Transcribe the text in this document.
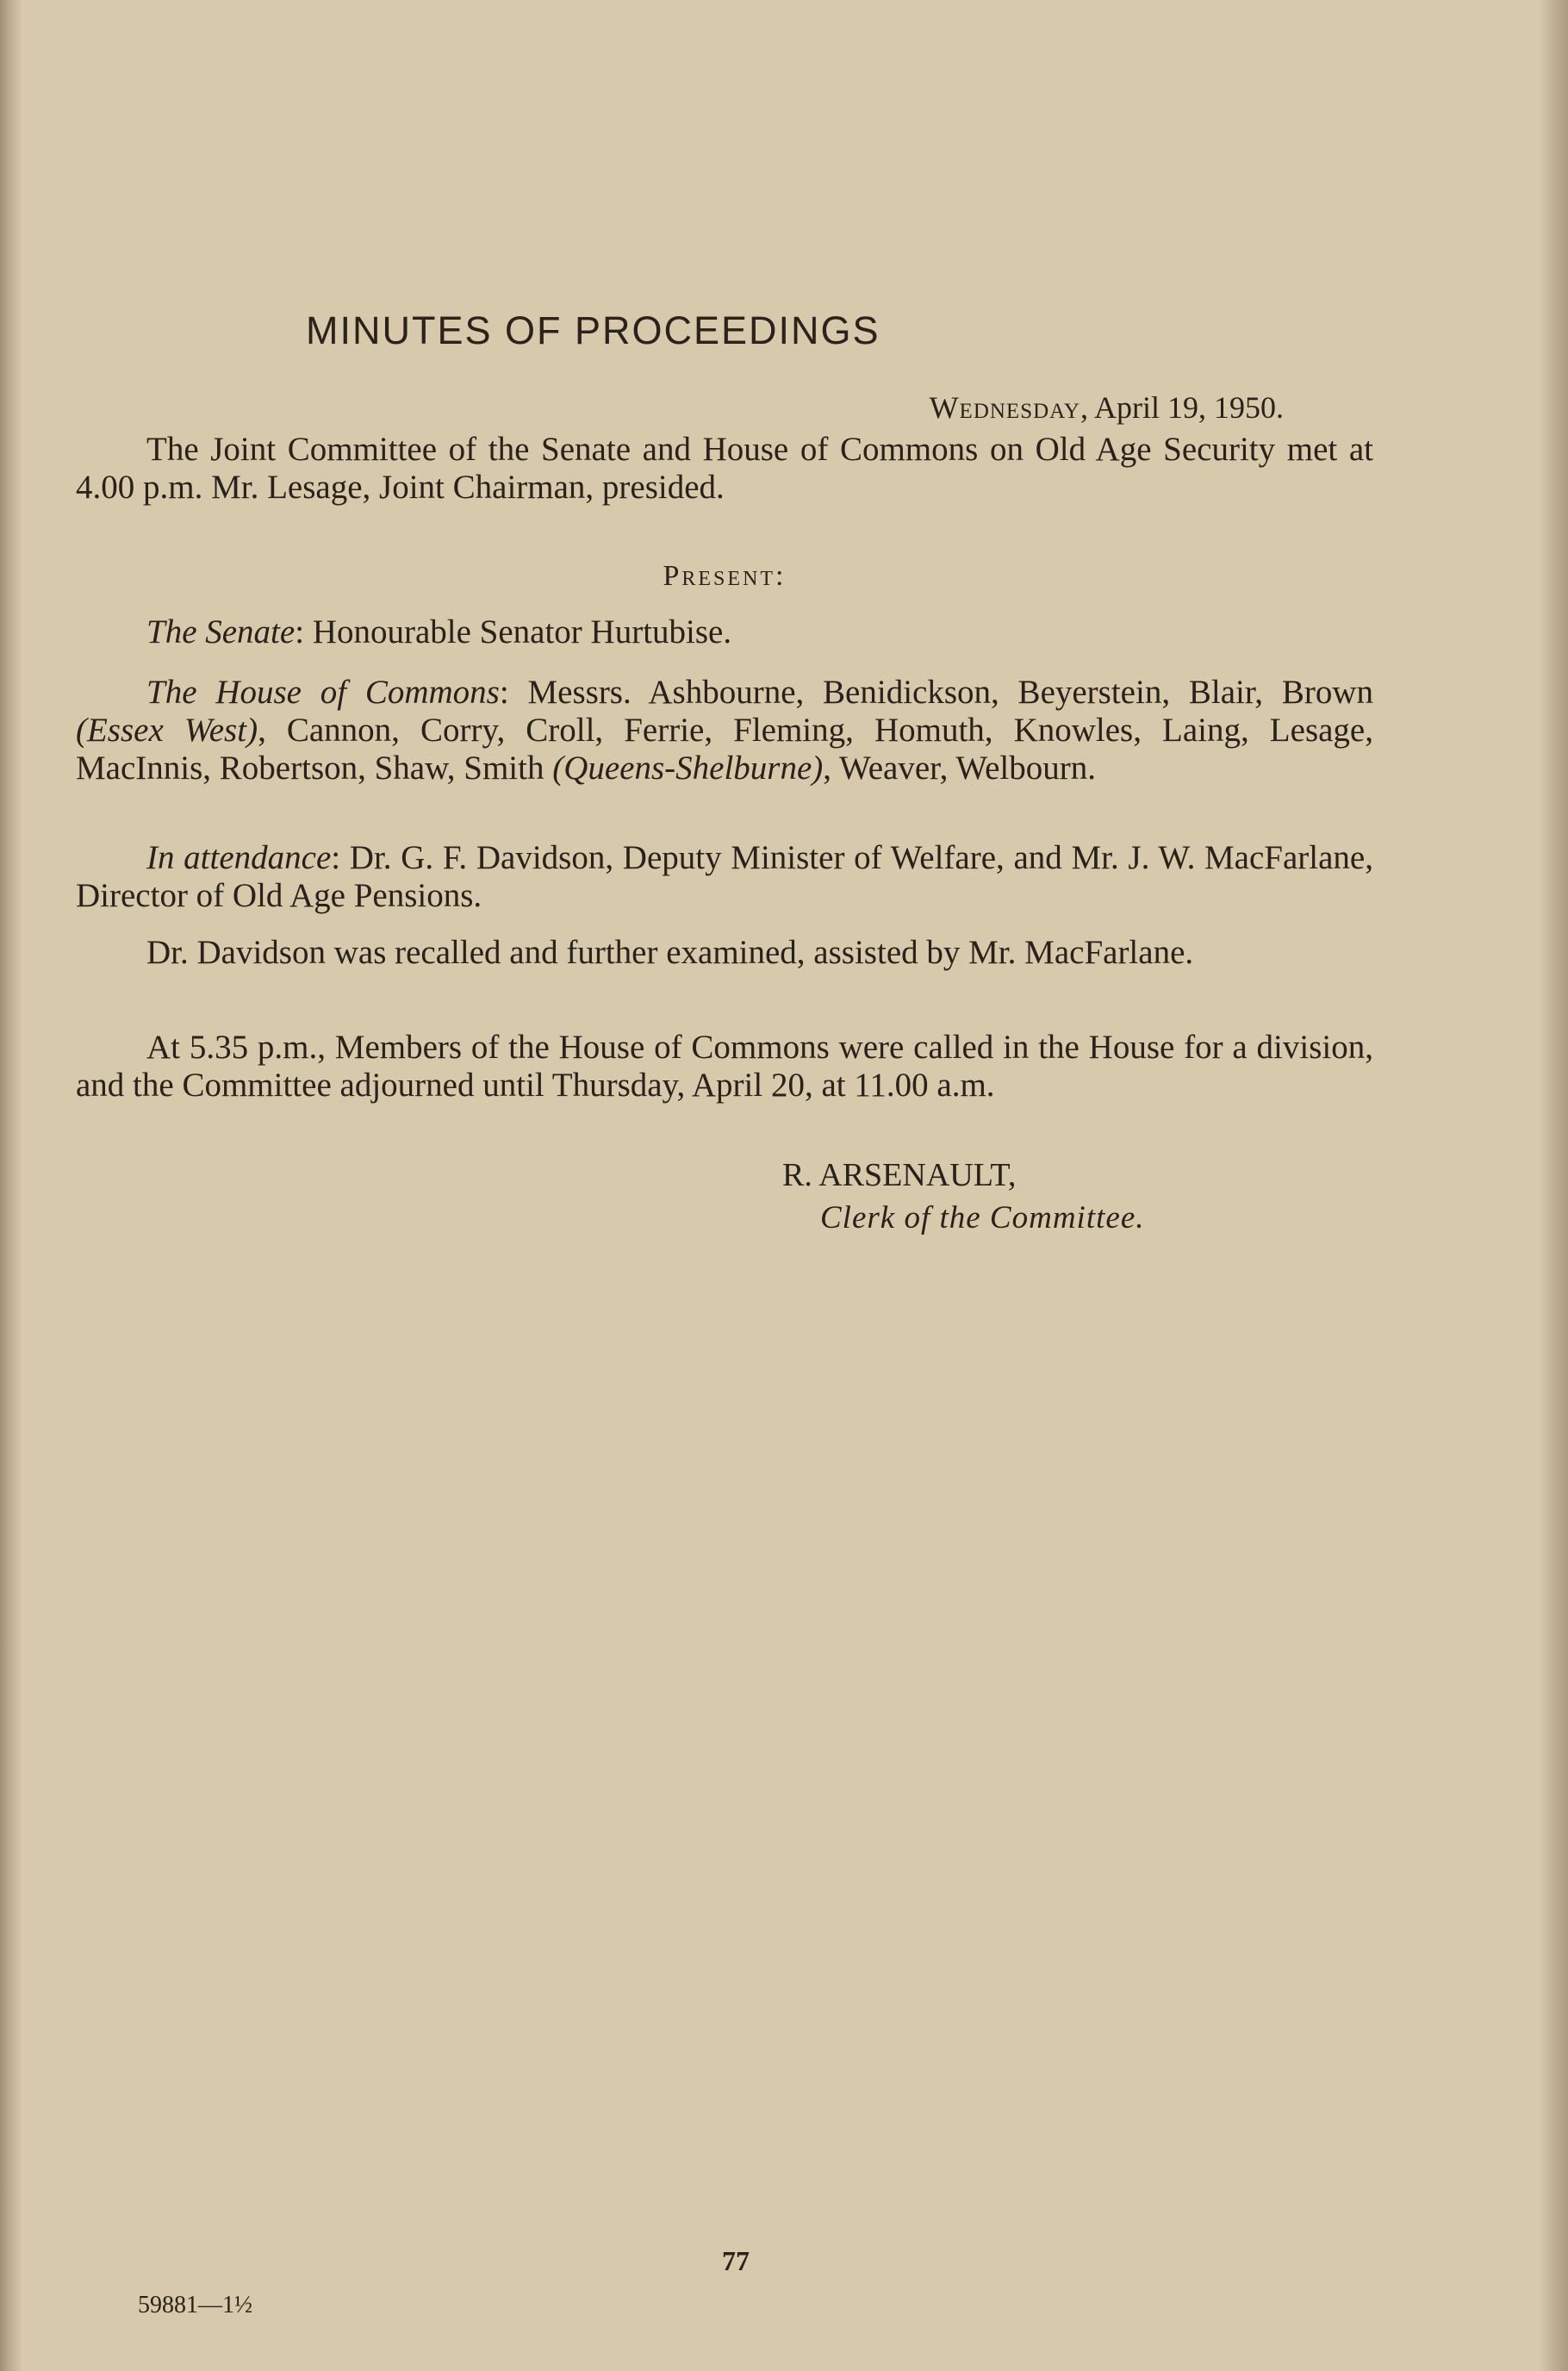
MINUTES OF PROCEEDINGS
Wednesday, April 19, 1950.

The Joint Committee of the Senate and House of Commons on Old Age Security met at 4.00 p.m. Mr. Lesage, Joint Chairman, presided.

Present:

The Senate: Honourable Senator Hurtubise.

The House of Commons: Messrs. Ashbourne, Benidickson, Beyerstein, Blair, Brown (Essex West), Cannon, Corry, Croll, Ferrie, Fleming, Homuth, Knowles, Laing, Lesage, MacInnis, Robertson, Shaw, Smith (Queens-Shelburne), Weaver, Welbourn.

In attendance: Dr. G. F. Davidson, Deputy Minister of Welfare, and Mr. J. W. MacFarlane, Director of Old Age Pensions.

Dr. Davidson was recalled and further examined, assisted by Mr. MacFarlane.

At 5.35 p.m., Members of the House of Commons were called in the House for a division, and the Committee adjourned until Thursday, April 20, at 11.00 a.m.

R. ARSENAULT,
Clerk of the Committee.
77
59881—1½
